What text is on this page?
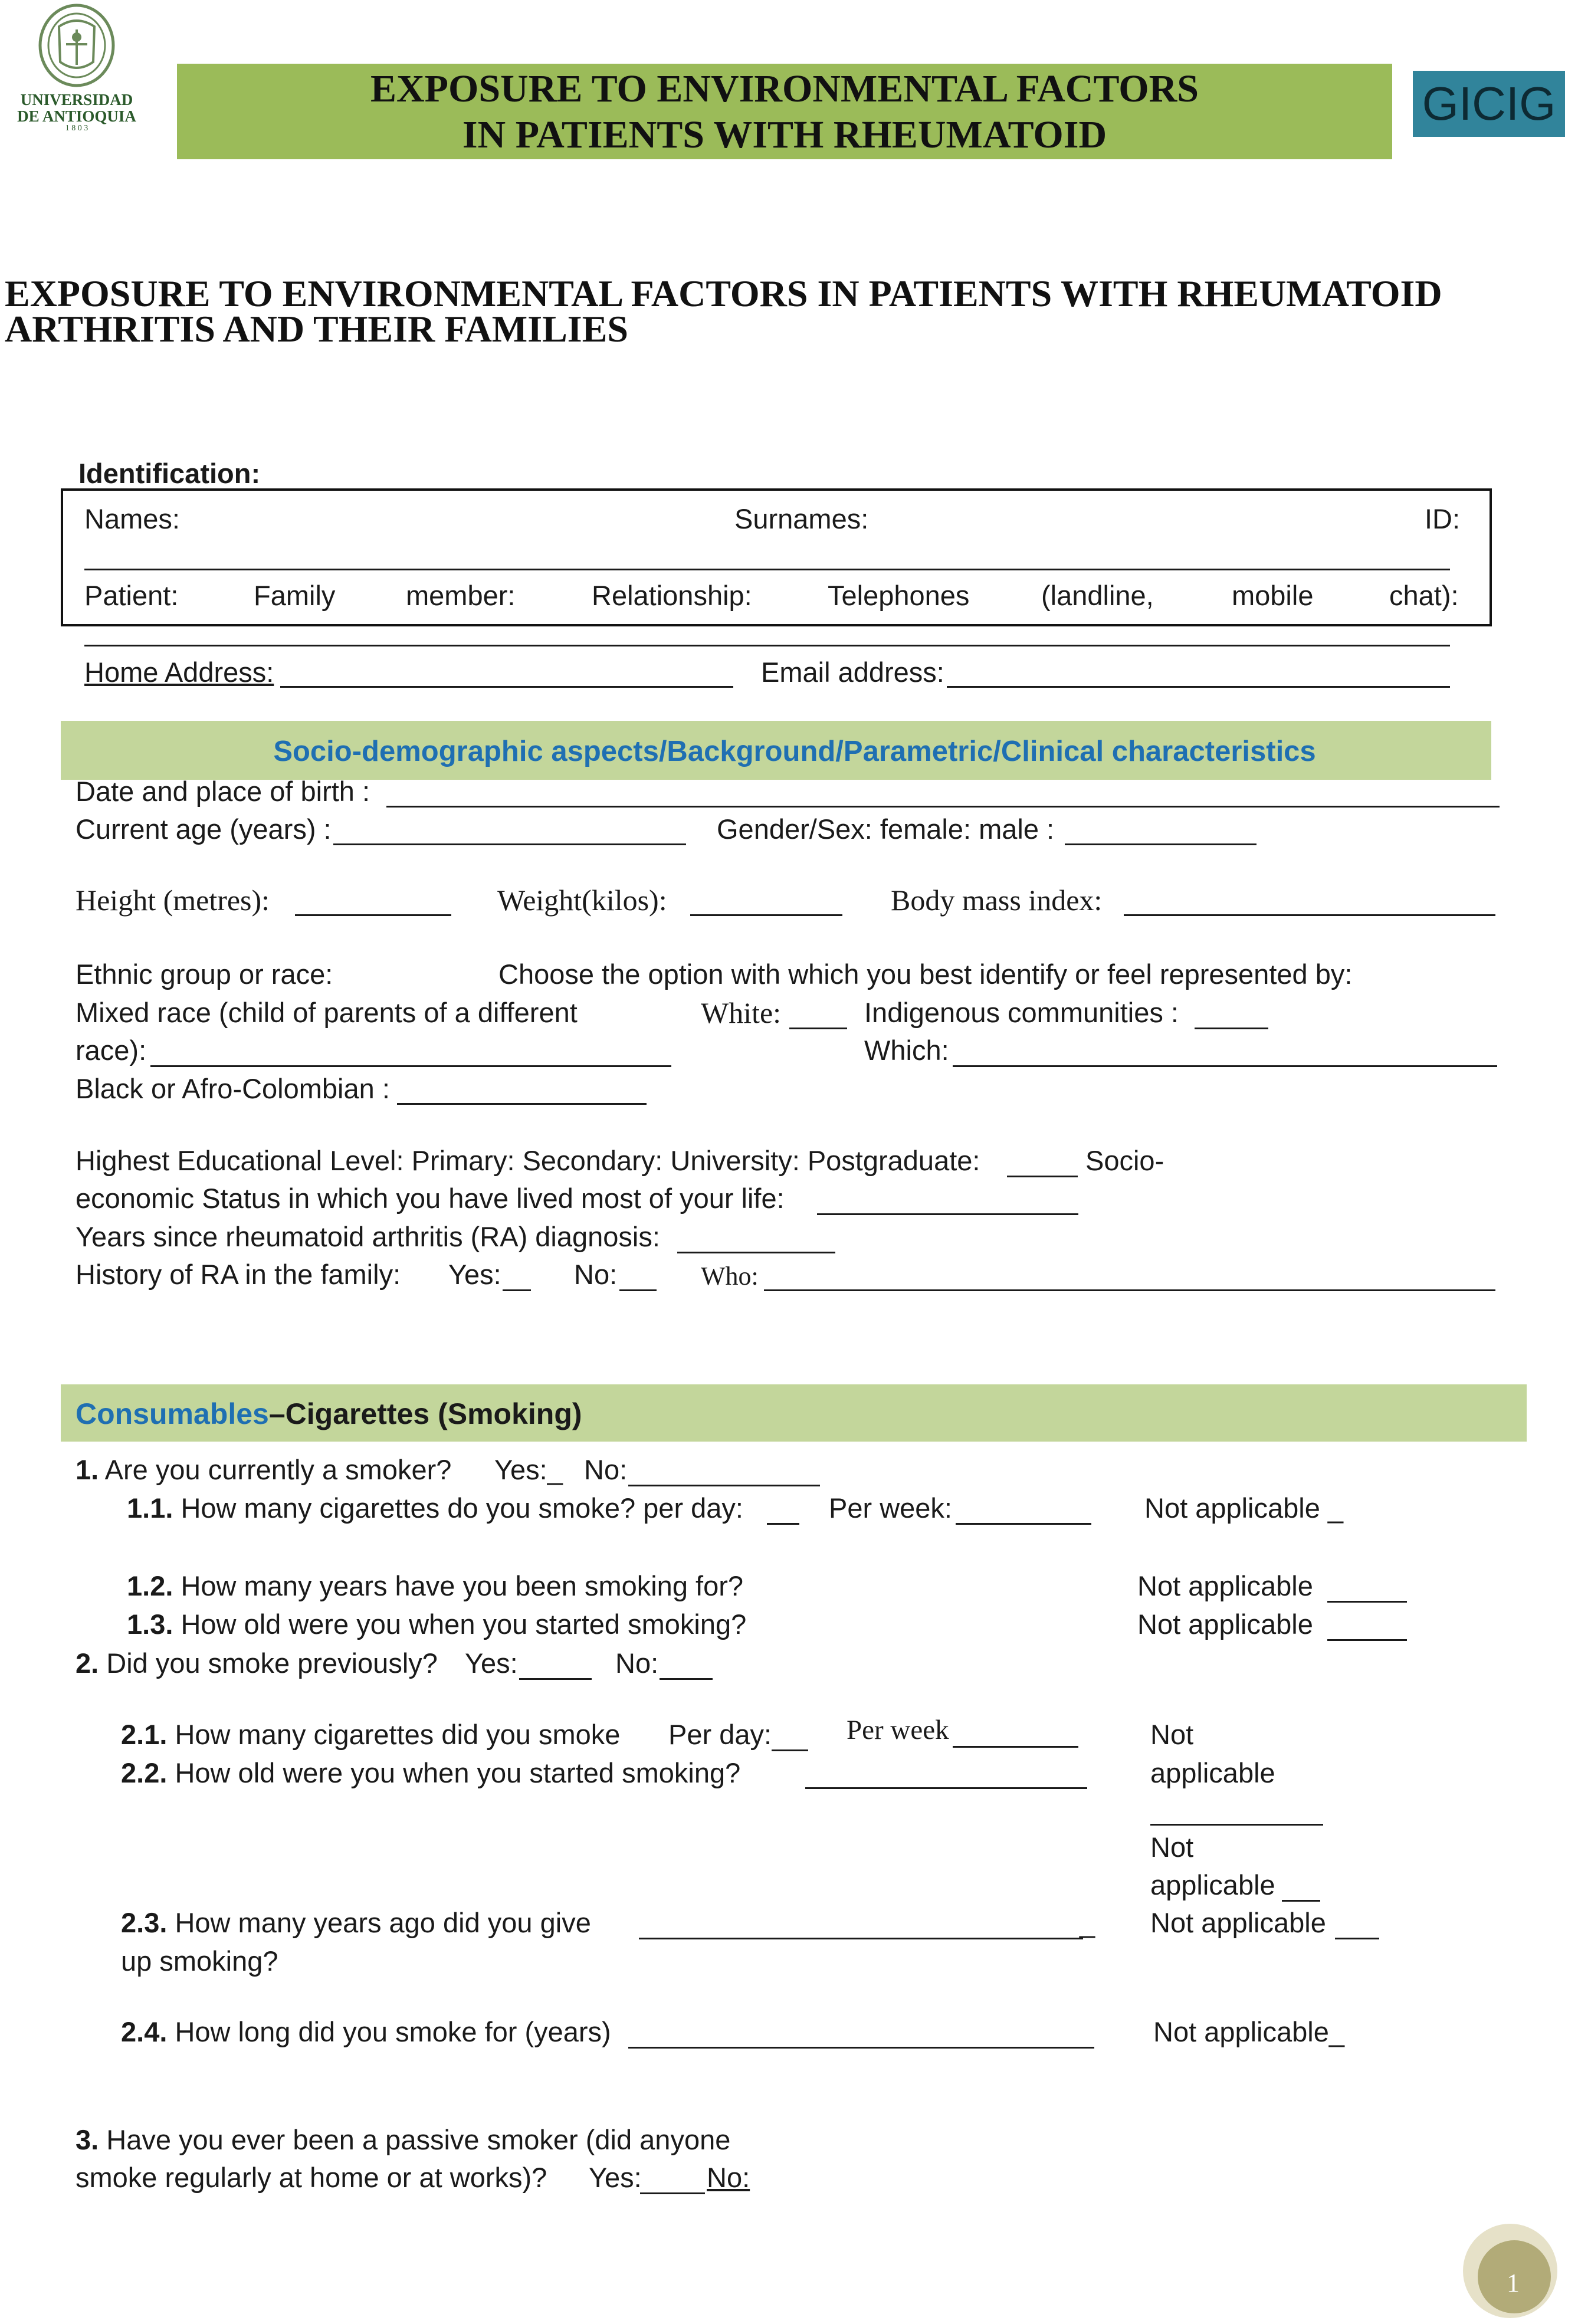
UNIVERSIDAD
DE ANTIOQUIA
1 8 0 3
EXPOSURE TO ENVIRONMENTAL FACTORS
IN PATIENTS WITH RHEUMATOID
GICIG
EXPOSURE TO ENVIRONMENTAL FACTORS IN PATIENTS WITH RHEUMATOID
ARTHRITIS AND THEIR FAMILIES
Identification:
Names:	Surnames:	ID:
Patient:	Family	member:	Relationship:	Telephones	(landline,	mobile	chat):
Home Address:	Email address:
Socio-demographic aspects/Background/Parametric/Clinical characteristics
Date and place of birth :
Current age (years) :	Gender/Sex: female: male :
Height (metres):	Weight(kilos):	Body mass index:
Ethnic group or race:	Choose the option with which you best identify or feel represented by:
Mixed race (child of parents of a different	White:	Indigenous communities :
race):	Which:
Black or Afro-Colombian :
Highest Educational Level: Primary: Secondary: University: Postgraduate:	Socio-
economic Status in which you have lived most of your life:
Years since rheumatoid arthritis (RA) diagnosis:
History of RA in the family: Yes:	No:	Who:
Consumables–Cigarettes (Smoking)
1. Are you currently a smoker? Yes:_ No:
1.1. How many cigarettes do you smoke? per day:	Per week:	Not applicable _
1.2. How many years have you been smoking for?	Not applicable
1.3. How old were you when you started smoking?	Not applicable
2. Did you smoke previously? Yes:	No:
2.1. How many cigarettes did you smoke Per day:	Per week	Not
applicable
2.2. How old were you when you started smoking?
Not
applicable
2.3. How many years ago did you give	_ Not applicable
up smoking?
2.4. How long did you smoke for (years)	Not applicable_
3. Have you ever been a passive smoker (did anyone
smoke regularly at home or at works)? Yes: No:
1
